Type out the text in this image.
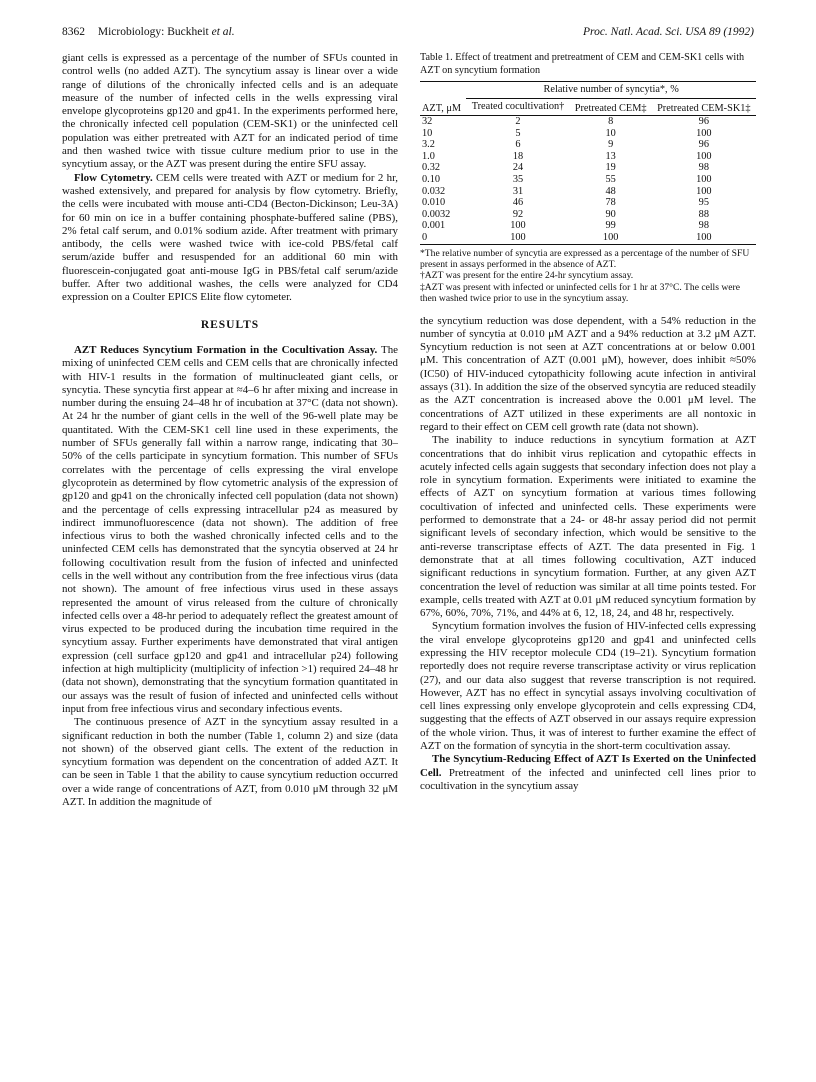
8362 Microbiology: Buckheit et al.	Proc. Natl. Acad. Sci. USA 89 (1992)

giant cells is expressed as a percentage of the number of SFUs counted in control wells (no added AZT). The syncytium assay is linear over a wide range of dilutions of the chronically infected cells and is an adequate measure of the number of infected cells in the wells expressing viral envelope glycoproteins gp120 and gp41. In the experiments performed here, the chronically infected cell population (CEM-SK1) or the uninfected cell population was either pretreated with AZT for an indicated period of time and then washed twice with tissue culture medium prior to use in the syncytium assay, or the AZT was present during the entire SFU assay.

Flow Cytometry. CEM cells were treated with AZT or medium for 2 hr, washed extensively, and prepared for analysis by flow cytometry. Briefly, the cells were incubated with mouse anti-CD4 (Becton-Dickinson; Leu-3A) for 60 min on ice in a buffer containing phosphate-buffered saline (PBS), 2% fetal calf serum, and 0.01% sodium azide. After treatment with primary antibody, the cells were washed twice with ice-cold PBS/fetal calf serum/azide buffer and resuspended for an additional 60 min with fluorescein-conjugated goat anti-mouse IgG in PBS/fetal calf serum/azide buffer. After two additional washes, the cells were analyzed for CD4 expression on a Coulter EPICS Elite flow cytometer.

RESULTS

AZT Reduces Syncytium Formation in the Cocultivation Assay. The mixing of uninfected CEM cells and CEM cells that are chronically infected with HIV-1 results in the formation of multinucleated giant cells, or syncytia. These syncytia first appear at ≈4–6 hr after mixing and increase in number during the ensuing 24–48 hr of incubation at 37°C (data not shown). At 24 hr the number of giant cells in the well of the 96-well plate may be quantitated. With the CEM-SK1 cell line used in these experiments, the number of SFUs generally fall within a narrow range, indicating that 30–50% of the cells participate in syncytium formation. This number of SFUs correlates with the percentage of cells expressing the viral envelope glycoprotein as determined by flow cytometric analysis of the expression of gp120 and gp41 on the chronically infected cell population (data not shown) and the percentage of cells expressing intracellular p24 as measured by indirect immunofluorescence (data not shown). The addition of free infectious virus to both the washed chronically infected cells and to the uninfected CEM cells has demonstrated that the syncytia observed at 24 hr following cocultivation result from the fusion of infected and uninfected cells in the well without any contribution from the free infectious virus (data not shown). The amount of free infectious virus used in these assays represented the amount of virus released from the culture of chronically infected cells over a 48-hr period to adequately reflect the greatest amount of virus expected to be produced during the incubation time required in the syncytium assay. Further experiments have demonstrated that viral antigen expression (cell surface gp120 and gp41 and intracellular p24) following infection at high multiplicity (multiplicity of infection >1) required 24–48 hr (data not shown), demonstrating that the syncytium formation quantitated in our assays was the result of fusion of infected and uninfected cells without input from free infectious virus and secondary infectious events.

The continuous presence of AZT in the syncytium assay resulted in a significant reduction in both the number (Table 1, column 2) and size (data not shown) of the observed giant cells. The extent of the reduction in syncytium formation was dependent on the concentration of added AZT. It can be seen in Table 1 that the ability to cause syncytium reduction occurred over a wide range of concentrations of AZT, from 0.010 μM through 32 μM AZT. In addition the magnitude of

Table 1. Effect of treatment and pretreatment of CEM and CEM-SK1 cells with AZT on syncytium formation

AZT, μM	Relative number of syncytia*, %		
	Treated cocultivation†	Pretreated CEM‡	Pretreated CEM-SK1‡
32	2	8	96
10	5	10	100
3.2	6	9	96
1.0	18	13	100
0.32	24	19	98
0.10	35	55	100
0.032	31	48	100
0.010	46	78	95
0.0032	92	90	88
0.001	100	99	98
0	100	100	100
*The relative number of syncytia are expressed as a percentage of the number of SFU present in assays performed in the absence of AZT.
†AZT was present for the entire 24-hr syncytium assay.
‡AZT was present with infected or uninfected cells for 1 hr at 37°C. The cells were then washed twice prior to use in the syncytium assay.

the syncytium reduction was dose dependent, with a 54% reduction in the number of syncytia at 0.010 μM AZT and a 94% reduction at 3.2 μM AZT. Syncytium reduction is not seen at AZT concentrations at or below 0.001 μM. This concentration of AZT (0.001 μM), however, does inhibit ≈50% (IC50) of HIV-induced cytopathicity following acute infection in antiviral assays (31). In addition the size of the observed syncytia are reduced steadily as the AZT concentration is increased above the 0.001 μM level. The concentrations of AZT utilized in these experiments are all nontoxic in regard to their effect on CEM cell growth rate (data not shown).

The inability to induce reductions in syncytium formation at AZT concentrations that do inhibit virus replication and cytopathic effects in acutely infected cells again suggests that secondary infection does not play a role in syncytium formation. Experiments were initiated to examine the effects of AZT on syncytium formation at various times following cocultivation of infected and uninfected cells. These experiments were performed to demonstrate that a 24- or 48-hr assay period did not permit significant levels of secondary infection, which would be sensitive to the anti-reverse transcriptase effects of AZT. The data presented in Fig. 1 demonstrate that at all times following cocultivation, AZT induced significant reductions in syncytium formation. Further, at any given AZT concentration the level of reduction was similar at all time points tested. For example, cells treated with AZT at 0.01 μM reduced syncytium formation by 67%, 60%, 70%, 71%, and 44% at 6, 12, 18, 24, and 48 hr, respectively.

Syncytium formation involves the fusion of HIV-infected cells expressing the viral envelope glycoproteins gp120 and gp41 and uninfected cells expressing the HIV receptor molecule CD4 (19–21). Syncytium formation reportedly does not require reverse transcriptase activity or virus replication (27), and our data also suggest that reverse transcription is not required. However, AZT has no effect in syncytial assays involving cocultivation of cell lines expressing only envelope glycoprotein and cells expressing CD4, suggesting that the effects of AZT observed in our assays require expression of the whole virion. Thus, it was of interest to further examine the effect of AZT on the formation of syncytia in the short-term cocultivation assay.

The Syncytium-Reducing Effect of AZT Is Exerted on the Uninfected Cell. Pretreatment of the infected and uninfected cell lines prior to cocultivation in the syncytium assay
